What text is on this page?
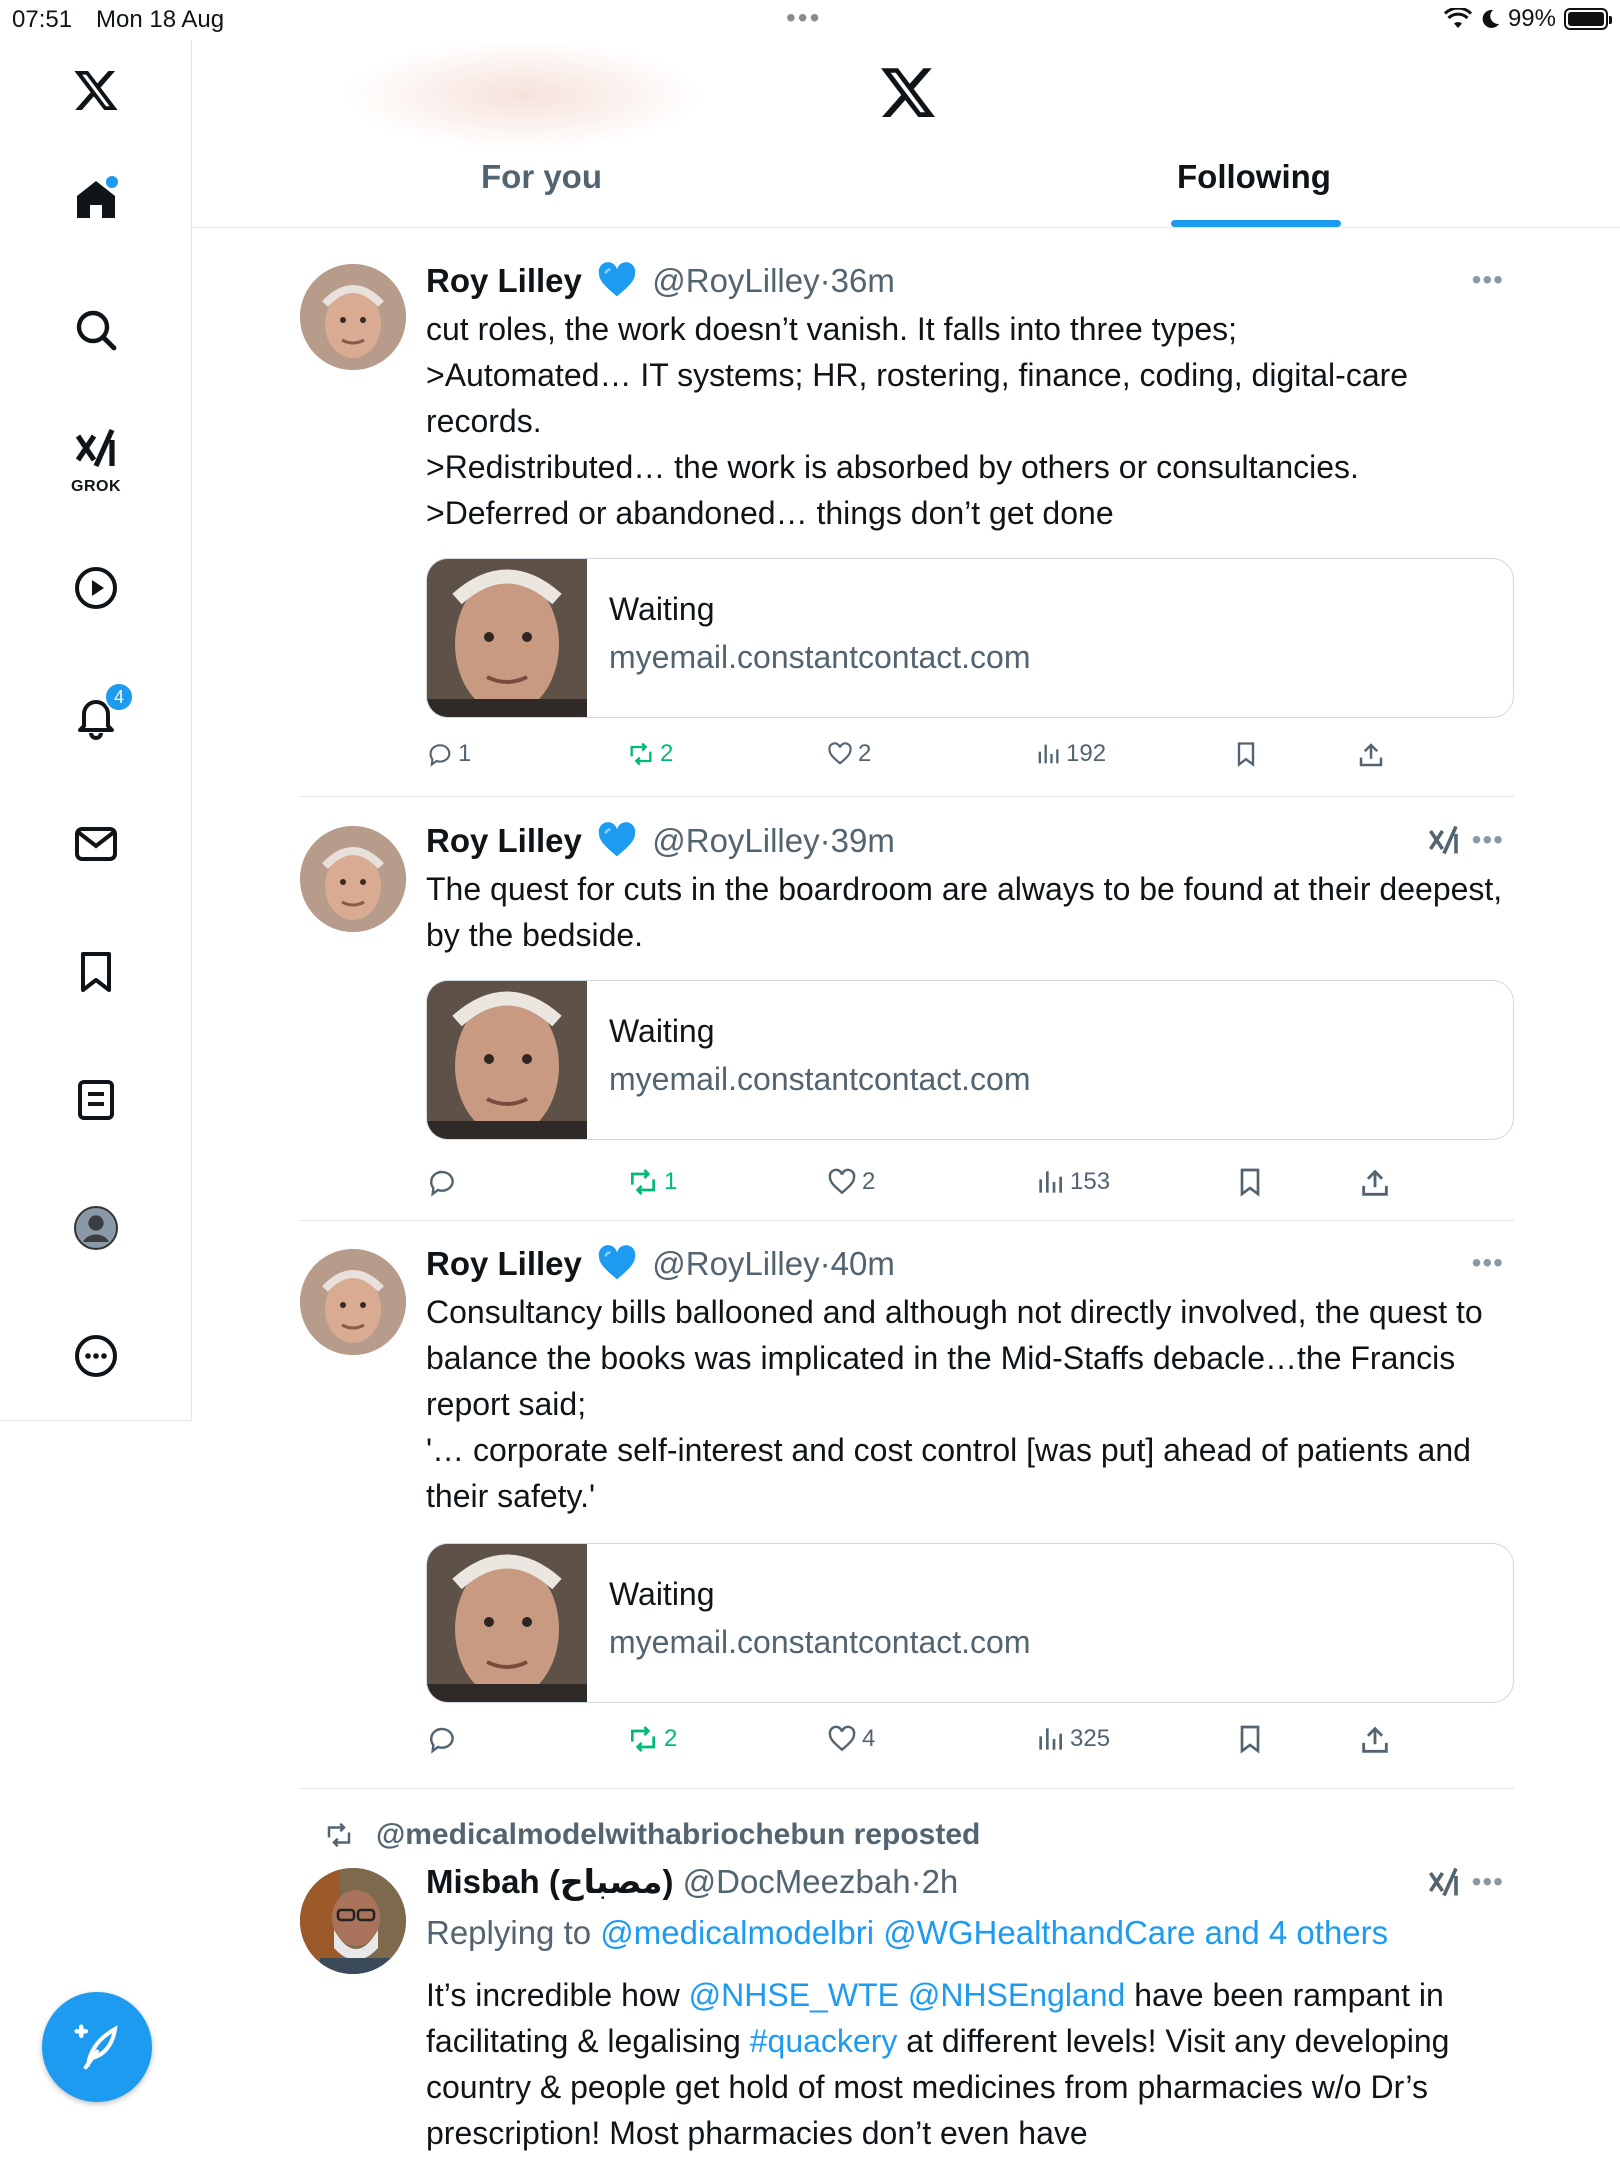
07:51 Mon 18 Aug	•••	99%
GROK
4
For you	Following
Roy Lilley @RoyLilley·36m	•••
cut roles, the work doesn’t vanish. It falls into three types;
>Automated… IT systems; HR, rostering, finance, coding, digital-care records.
>Redistributed… the work is absorbed by others or consultancies.
>Deferred or abandoned… things don’t get done
Waiting
myemail.constantcontact.com
1	2	2	192
Roy Lilley @RoyLilley·39m	•••
The quest for cuts in the boardroom are always to be found at their deepest, by the bedside.
Waiting
myemail.constantcontact.com
1	2	153
Roy Lilley @RoyLilley·40m	•••
Consultancy bills ballooned and although not directly involved, the quest to balance the books was implicated in the Mid-Staffs debacle…the Francis report said;
'… corporate self-interest and cost control [was put] ahead of patients and their safety.'
Waiting
myemail.constantcontact.com
2	4	325
@medicalmodelwithabriochebun reposted
Misbah (مصباح) @DocMeezbah·2h	•••
Replying to @medicalmodelbri @WGHealthandCare and 4 others
It’s incredible how @NHSE_WTE @NHSEngland have been rampant in facilitating & legalising #quackery at different levels! Visit any developing country & people get hold of most medicines from pharmacies w/o Dr’s prescription! Most pharmacies don’t even have
